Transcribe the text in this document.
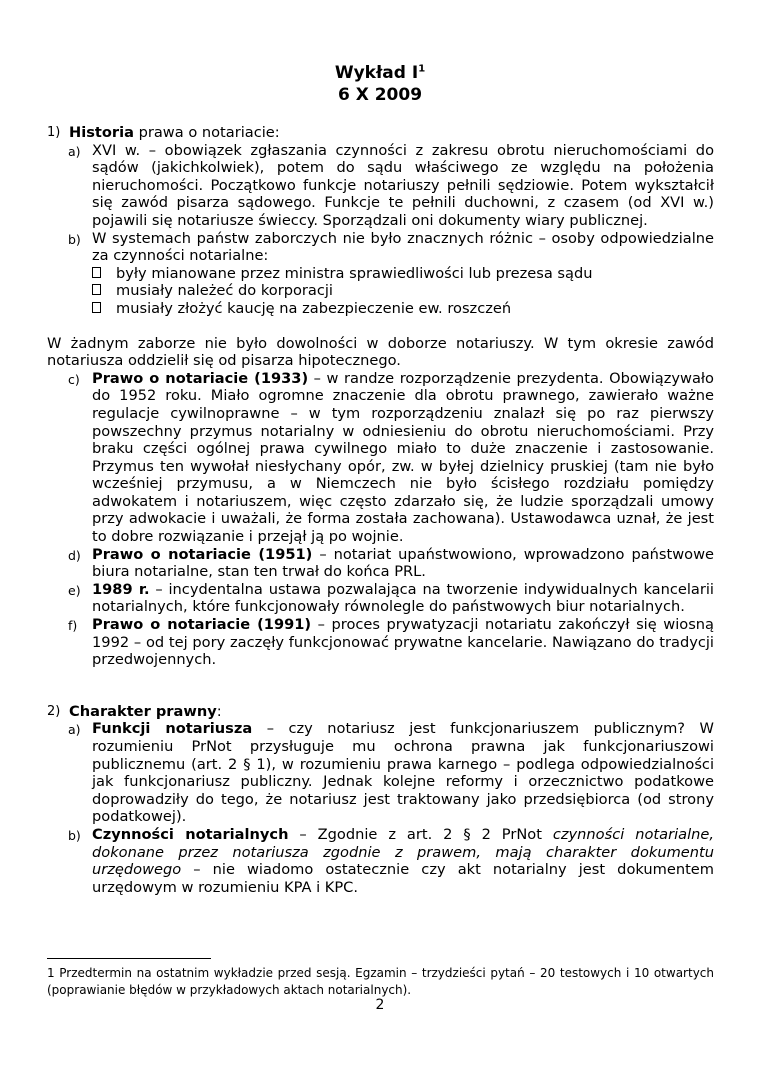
Wykład $I^1$
6 X 2009
1) Historia prawa o notariacie:
a) XVI w. – obowiązek zgłaszania czynności z zakresu obrotu nieruchomościami do sądów (jakichkolwiek), potem do sądu właściwego ze względu na położenia nieruchomości. Początkowo funkcje notariuszy pełnili sędziowie. Potem wykształcił się zawód pisarza sądowego. Funkcje te pełnili duchowni, z czasem (od XVI w.) pojawili się notariusze świeccy. Sporządzali oni dokumenty wiary publicznej.
b) W systemach państw zaborczych nie było znacznych różnic – osoby odpowiedzialne za czynności notarialne:
były mianowane przez ministra sprawiedliwości lub prezesa sądu
musiały należeć do korporacji
musiały złożyć kaucję na zabezpieczenie ew. roszczeń

W żadnym zaborze nie było dowolności w doborze notariuszy. W tym okresie zawód notariusza oddzielił się od pisarza hipotecznego.

c) Prawo o notariacie (1933) – w randze rozporządzenie prezydenta. Obowiązywało do 1952 roku. Miało ogromne znaczenie dla obrotu prawnego, zawierało ważne regulacje cywilnoprawne – w tym rozporządzeniu znalazł się po raz pierwszy powszechny przymus notarialny w odniesieniu do obrotu nieruchomościami. Przy braku części ogólnej prawa cywilnego miało to duże znaczenie i zastosowanie. Przymus ten wywołał niesłychany opór, zw. w byłej dzielnicy pruskiej (tam nie było wcześniej przymusu, a w Niemczech nie było ścisłego rozdziału pomiędzy adwokatem i notariuszem, więc często zdarzało się, że ludzie sporządzali umowy przy adwokacie i uważali, że forma została zachowana). Ustawodawca uznał, że jest to dobre rozwiązanie i przejął ją po wojnie.
d) Prawo o notariacie (1951) – notariat upaństwowiono, wprowadzono państwowe biura notarialne, stan ten trwał do końca PRL.
e) 1989 r. – incydentalna ustawa pozwalająca na tworzenie indywidualnych kancelarii notarialnych, które funkcjonowały równolegle do państwowych biur notarialnych.
f) Prawo o notariacie (1991) – proces prywatyzacji notariatu zakończył się wiosną 1992 – od tej pory zaczęły funkcjonować prywatne kancelarie. Nawiązano do tradycji przedwojennych.
2) Charakter prawny:
a) Funkcji notariusza – czy notariusz jest funkcjonariuszem publicznym? W rozumieniu PrNot przysługuje mu ochrona prawna jak funkcjonariuszowi publicznemu (art. 2 § 1), w rozumieniu prawa karnego – podlega odpowiedzialności jak funkcjonariusz publiczny. Jednak kolejne reformy i orzecznictwo podatkowe doprowadziły do tego, że notariusz jest traktowany jako przedsiębiorca (od strony podatkowej).
b) Czynności notarialnych – Zgodnie z art. 2 § 2 PrNot czynności notarialne, dokonane przez notariusza zgodnie z prawem, mają charakter dokumentu urzędowego – nie wiadomo ostatecznie czy akt notarialny jest dokumentem urzędowym w rozumieniu KPA i KPC.
1 Przedtermin na ostatnim wykładzie przed sesją. Egzamin – trzydzieści pytań – 20 testowych i 10 otwartych (poprawianie błędów w przykładowych aktach notarialnych).
2
